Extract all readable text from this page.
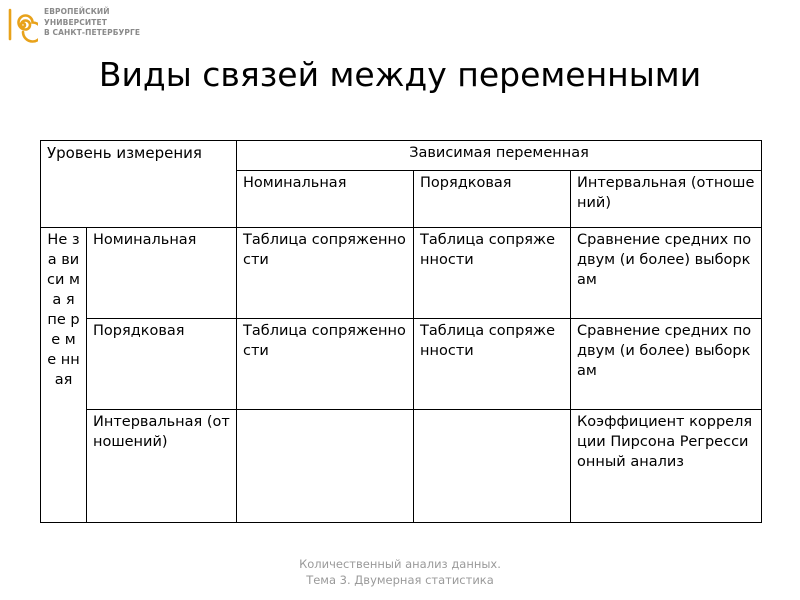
ЕВРОПЕЙСКИЙ
УНИВЕРСИТЕТ
В САНКТ-ПЕТЕРБУРГЕ
Виды связей между переменными
Уровень измерения		Зависимая переменная		
		Номинальная	Порядковая	Интервальная (отношений)
Не за ви си ма я пе ре ме нн ая	Номинальная	Таблица сопряженности	Таблица сопряженности	Сравнение средних по двум (и более) выборкам
	Порядковая	Таблица сопряженности	Таблица сопряженности	Сравнение средних по двум (и более) выборкам
	Интервальная (отношений)			Коэффициент корреляции Пирсона Регрессионный анализ
Количественный анализ данных.
Тема 3. Двумерная статистика
